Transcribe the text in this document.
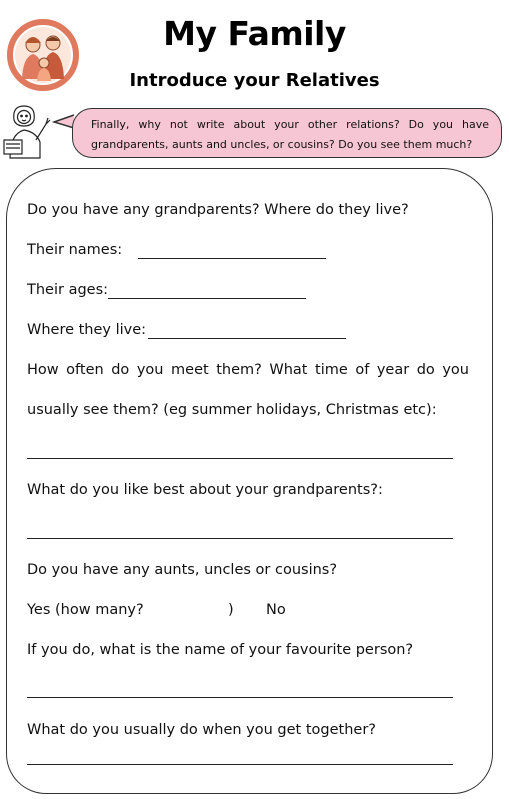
My Family
Introduce your Relatives
Finally, why not write about your other relations? Do you have grandparents, aunts and uncles, or cousins? Do you see them much?
Do you have any grandparents? Where do they live?
Their names:
Their ages:
Where they live:
How often do you meet them? What time of year do you
usually see them? (eg summer holidays, Christmas etc):
What do you like best about your grandparents?:
Do you have any aunts, uncles or cousins?
Yes (how many?	) No
If you do, what is the name of your favourite person?
What do you usually do when you get together?
